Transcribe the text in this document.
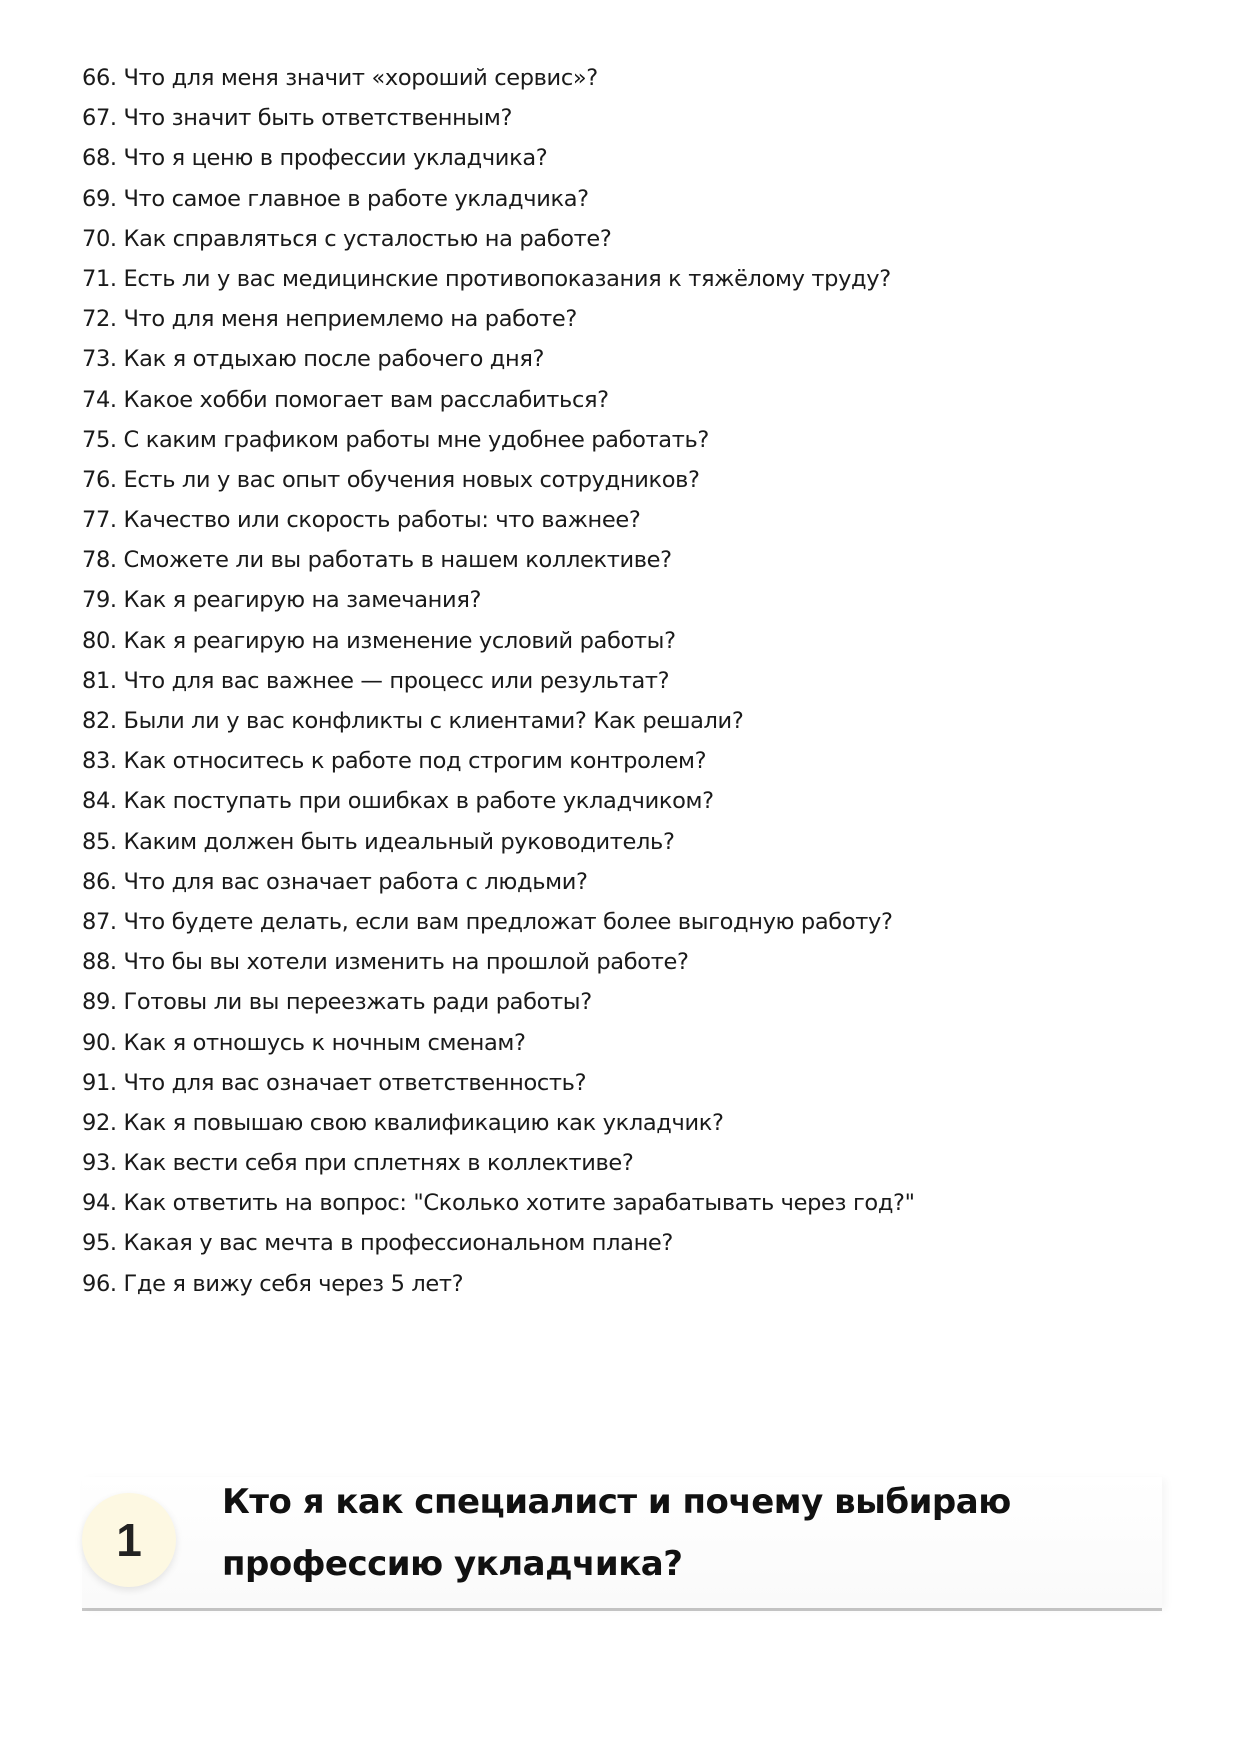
66. Что для меня значит «хороший сервис»?
67. Что значит быть ответственным?
68. Что я ценю в профессии укладчика?
69. Что самое главное в работе укладчика?
70. Как справляться с усталостью на работе?
71. Есть ли у вас медицинские противопоказания к тяжёлому труду?
72. Что для меня неприемлемо на работе?
73. Как я отдыхаю после рабочего дня?
74. Какое хобби помогает вам расслабиться?
75. С каким графиком работы мне удобнее работать?
76. Есть ли у вас опыт обучения новых сотрудников?
77. Качество или скорость работы: что важнее?
78. Сможете ли вы работать в нашем коллективе?
79. Как я реагирую на замечания?
80. Как я реагирую на изменение условий работы?
81. Что для вас важнее — процесс или результат?
82. Были ли у вас конфликты с клиентами? Как решали?
83. Как относитесь к работе под строгим контролем?
84. Как поступать при ошибках в работе укладчиком?
85. Каким должен быть идеальный руководитель?
86. Что для вас означает работа с людьми?
87. Что будете делать, если вам предложат более выгодную работу?
88. Что бы вы хотели изменить на прошлой работе?
89. Готовы ли вы переезжать ради работы?
90. Как я отношусь к ночным сменам?
91. Что для вас означает ответственность?
92. Как я повышаю свою квалификацию как укладчик?
93. Как вести себя при сплетнях в коллективе?
94. Как ответить на вопрос: "Сколько хотите зарабатывать через год?"
95. Какая у вас мечта в профессиональном плане?
96. Где я вижу себя через 5 лет?
1
Кто я как специалист и почему выбираю профессию укладчика?
